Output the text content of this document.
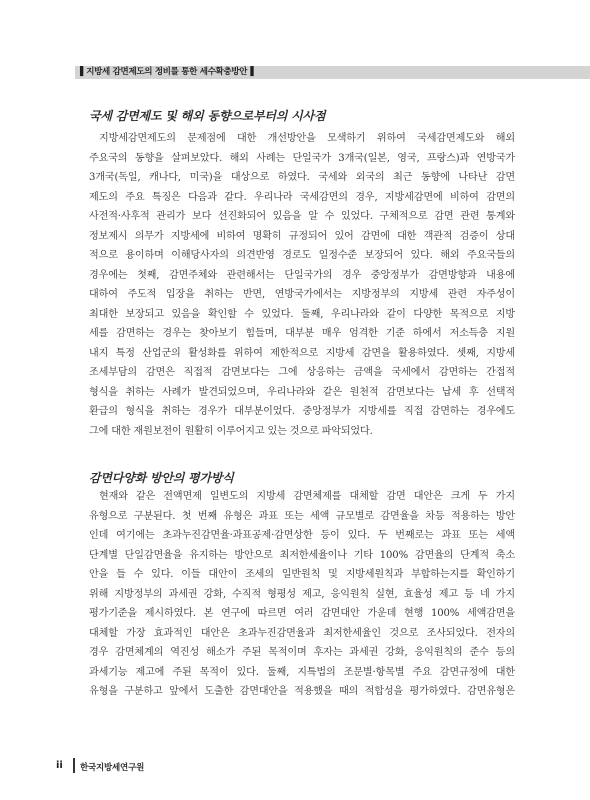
▌지방세 감면제도의 정비를 통한 세수확충방안▐
국세 감면제도 및 해외 동향으로부터의 시사점
지방세감면제도의 문제점에 대한 개선방안을 모색하기 위하여 국세감면제도와 해외
주요국의 동향을 살펴보았다. 해외 사례는 단일국가 3개국(일본, 영국, 프랑스)과 연방국가
3개국(독일, 캐나다, 미국)을 대상으로 하였다. 국세와 외국의 최근 동향에 나타난 감면
제도의 주요 특징은 다음과 같다. 우리나라 국세감면의 경우, 지방세감면에 비하여 감면의
사전적·사후적 관리가 보다 선진화되어 있음을 알 수 있었다. 구체적으로 감면 관련 통계와
정보제시 의무가 지방세에 비하여 명확히 규정되어 있어 감면에 대한 객관적 검증이 상대
적으로 용이하며 이해당사자의 의견반영 경로도 일정수준 보장되어 있다. 해외 주요국들의
경우에는 첫째, 감면주체와 관련해서는 단일국가의 경우 중앙정부가 감면방향과 내용에
대하여 주도적 입장을 취하는 반면, 연방국가에서는 지방정부의 지방세 관련 자주성이
최대한 보장되고 있음을 확인할 수 있었다. 둘째, 우리나라와 같이 다양한 목적으로 지방
세를 감면하는 경우는 찾아보기 힘들며, 대부분 매우 엄격한 기준 하에서 저소득층 지원
내지 특정 산업군의 활성화를 위하여 제한적으로 지방세 감면을 활용하였다. 셋째, 지방세
조세부담의 감면은 직접적 감면보다는 그에 상응하는 금액을 국세에서 감면하는 간접적
형식을 취하는 사례가 발견되었으며, 우리나라와 같은 원천적 감면보다는 납세 후 선택적
환급의 형식을 취하는 경우가 대부분이었다. 중앙정부가 지방세를 직접 감면하는 경우에도
그에 대한 재원보전이 원활히 이루어지고 있는 것으로 파악되었다.
감면다양화 방안의 평가방식
현재와 같은 전액면제 일변도의 지방세 감면체제를 대체할 감면 대안은 크게 두 가지
유형으로 구분된다. 첫 번째 유형은 과표 또는 세액 규모별로 감면율을 차등 적용하는 방안
인데 여기에는 초과누진감면율·과표공제·감면상한 등이 있다. 두 번째로는 과표 또는 세액
단계별 단일감면율을 유지하는 방안으로 최저한세율이나 기타 100% 감면율의 단계적 축소
안을 들 수 있다. 이들 대안이 조세의 일반원칙 및 지방세원칙과 부합하는지를 확인하기
위해 지방정부의 과세권 강화, 수직적 형평성 제고, 응익원칙 실현, 효율성 제고 등 네 가지
평가기준을 제시하였다. 본 연구에 따르면 여러 감면대안 가운데 현행 100% 세액감면을
대체할 가장 효과적인 대안은 초과누진감면율과 최저한세율인 것으로 조사되었다. 전자의
경우 감면체계의 역진성 해소가 주된 목적이며 후자는 과세권 강화, 응익원칙의 준수 등의
과세기능 제고에 주된 목적이 있다. 둘째, 지특법의 조문별·항목별 주요 감면규정에 대한
유형을 구분하고 앞에서 도출한 감면대안을 적용했을 때의 적합성을 평가하였다. 감면유형은
ii 한국지방세연구원
